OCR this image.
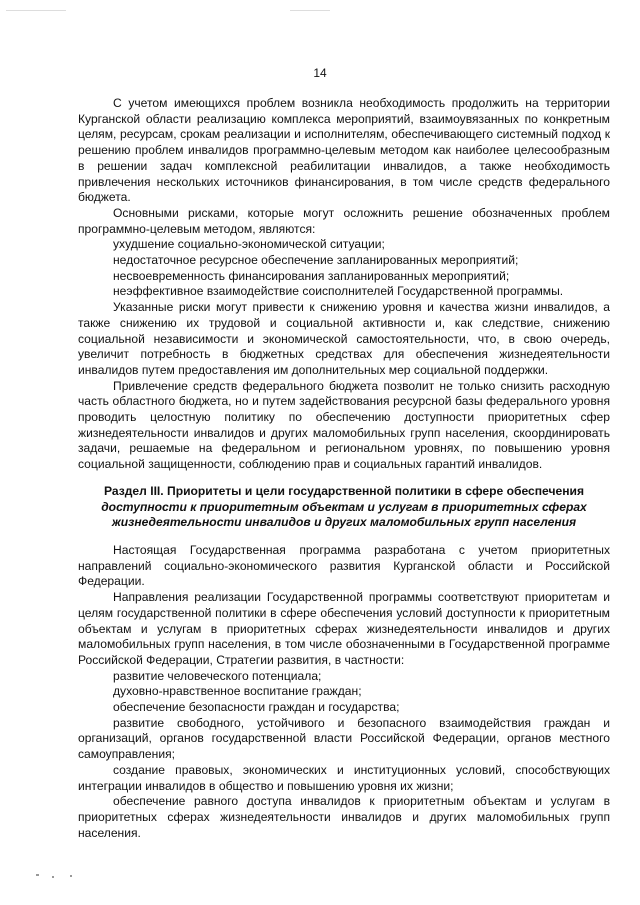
14

С учетом имеющихся проблем возникла необходимость продолжить на территории Курганской области реализацию комплекса мероприятий, взаимоувязанных по конкретным целям, ресурсам, срокам реализации и исполнителям, обеспечивающего системный подход к решению проблем инвалидов программно-целевым методом как наиболее целесообразным в решении задач комплексной реабилитации инвалидов, а также необходимость привлечения нескольких источников финансирования, в том числе средств федерального бюджета.

Основными рисками, которые могут осложнить решение обозначенных проблем программно-целевым методом, являются:

ухудшение социально-экономической ситуации;

недостаточное ресурсное обеспечение запланированных мероприятий;

несвоевременность финансирования запланированных мероприятий;

неэффективное взаимодействие соисполнителей Государственной программы.

Указанные риски могут привести к снижению уровня и качества жизни инвалидов, а также снижению их трудовой и социальной активности и, как следствие, снижению социальной независимости и экономической самостоятельности, что, в свою очередь, увеличит потребность в бюджетных средствах для обеспечения жизнедеятельности инвалидов путем предоставления им дополнительных мер социальной поддержки.

Привлечение средств федерального бюджета позволит не только снизить расходную часть областного бюджета, но и путем задействования ресурсной базы федерального уровня проводить целостную политику по обеспечению доступности приоритетных сфер жизнедеятельности инвалидов и других маломобильных групп населения, скоординировать задачи, решаемые на федеральном и региональном уровнях, по повышению уровня социальной защищенности, соблюдению прав и социальных гарантий инвалидов.

Раздел III. Приоритеты и цели государственной политики в сфере обеспечения
доступности к приоритетным объектам и услугам в приоритетных сферах
жизнедеятельности инвалидов и других маломобильных групп населения

Настоящая Государственная программа разработана с учетом приоритетных направлений социально-экономического развития Курганской области и Российской Федерации.

Направления реализации Государственной программы соответствуют приоритетам и целям государственной политики в сфере обеспечения условий доступности к приоритетным объектам и услугам в приоритетных сферах жизнедеятельности инвалидов и других маломобильных групп населения, в том числе обозначенными в Государственной программе Российской Федерации, Стратегии развития, в частности:

развитие человеческого потенциала;

духовно-нравственное воспитание граждан;

обеспечение безопасности граждан и государства;

развитие свободного, устойчивого и безопасного взаимодействия граждан и организаций, органов государственной власти Российской Федерации, органов местного самоуправления;

создание правовых, экономических и институционных условий, способствующих интеграции инвалидов в общество и повышению уровня их жизни;

обеспечение равного доступа инвалидов к приоритетным объектам и услугам в приоритетных сферах жизнедеятельности инвалидов и других маломобильных групп населения.
